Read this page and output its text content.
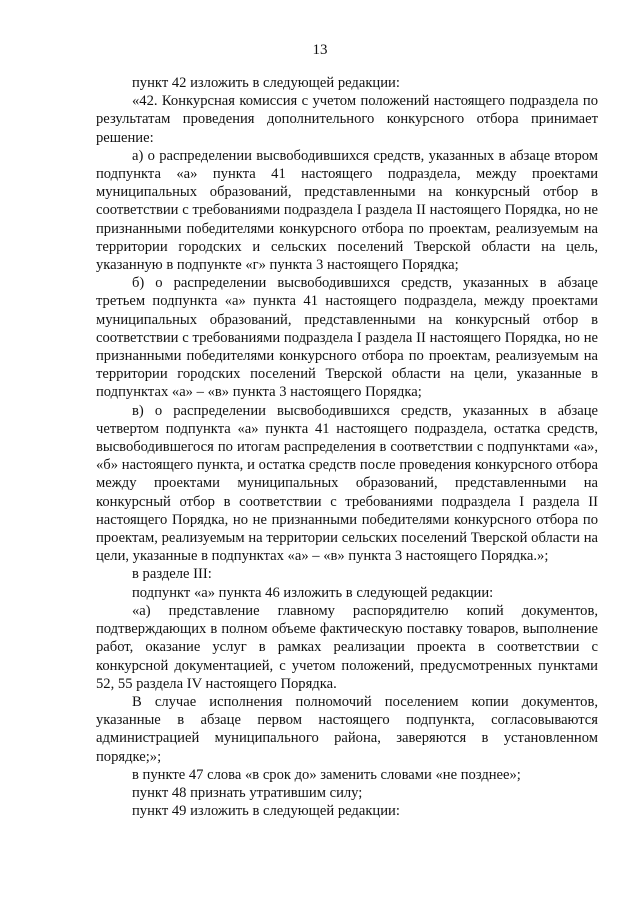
13

пункт 42 изложить в следующей редакции:

«42. Конкурсная комиссия с учетом положений настоящего подраздела по результатам проведения дополнительного конкурсного отбора принимает решение:

а) о распределении высвободившихся средств, указанных в абзаце втором подпункта «а» пункта 41 настоящего подраздела, между проектами муниципальных образований, представленными на конкурсный отбор в соответствии с требованиями подраздела I раздела II настоящего Порядка, но не признанными победителями конкурсного отбора по проектам, реализуемым на территории городских и сельских поселений Тверской области на цель, указанную в подпункте «г» пункта 3 настоящего Порядка;

б) о распределении высвободившихся средств, указанных в абзаце третьем подпункта «а» пункта 41 настоящего подраздела, между проектами муниципальных образований, представленными на конкурсный отбор в соответствии с требованиями подраздела I раздела II настоящего Порядка, но не признанными победителями конкурсного отбора по проектам, реализуемым на территории городских поселений Тверской области на цели, указанные в подпунктах «а» – «в» пункта 3 настоящего Порядка;

в) о распределении высвободившихся средств, указанных в абзаце четвертом подпункта «а» пункта 41 настоящего подраздела, остатка средств, высвободившегося по итогам распределения в соответствии с подпунктами «а», «б» настоящего пункта, и остатка средств после проведения конкурсного отбора между проектами муниципальных образований, представленными на конкурсный отбор в соответствии с требованиями подраздела I раздела II настоящего Порядка, но не признанными победителями конкурсного отбора по проектам, реализуемым на территории сельских поселений Тверской области на цели, указанные в подпунктах «а» – «в» пункта 3 настоящего Порядка.»;

в разделе III:

подпункт «а» пункта 46 изложить в следующей редакции:

«а) представление главному распорядителю копий документов, подтверждающих в полном объеме фактическую поставку товаров, выполнение работ, оказание услуг в рамках реализации проекта в соответствии с конкурсной документацией, с учетом положений, предусмотренных пунктами 52, 55 раздела IV настоящего Порядка.

В случае исполнения полномочий поселением копии документов, указанные в абзаце первом настоящего подпункта, согласовываются администрацией муниципального района, заверяются в установленном порядке;»;

в пункте 47 слова «в срок до» заменить словами «не позднее»;

пункт 48 признать утратившим силу;

пункт 49 изложить в следующей редакции:
